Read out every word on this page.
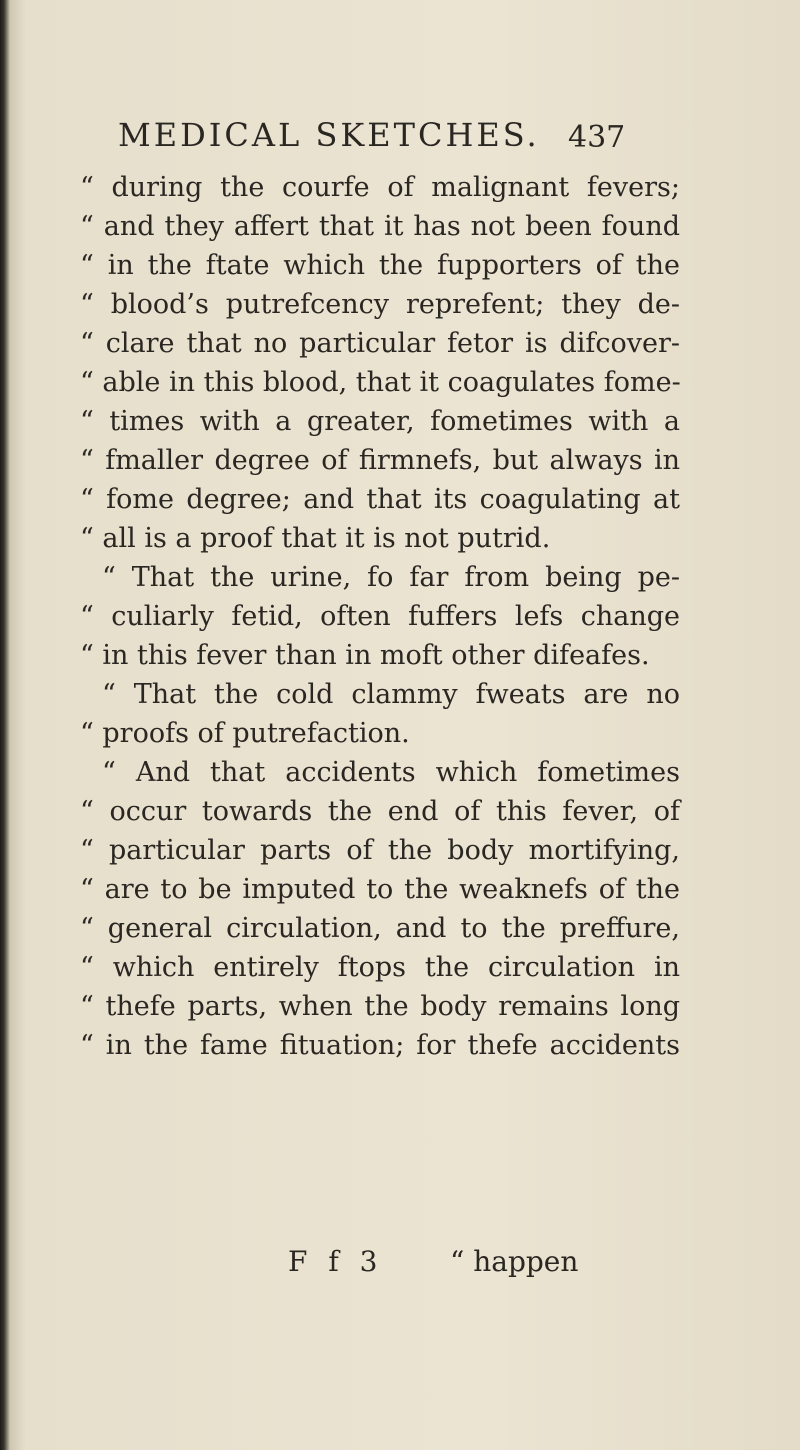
MEDICAL SKETCHES. 437
“ during the courfe of malignant fevers;
“ and they affert that it has not been found
“ in the ftate which the fupporters of the
“ blood’s putrefcency reprefent; they de-
“ clare that no particular fetor is difcover-
“ able in this blood, that it coagulates fome-
“ times with a greater, fometimes with a
“ fmaller degree of firmnefs, but always in
“ fome degree; and that its coagulating at
“ all is a proof that it is not putrid.
“ That the urine, fo far from being pe-
“ culiarly fetid, often fuffers lefs change
“ in this fever than in moft other difeafes.
“ That the cold clammy fweats are no
“ proofs of putrefaction.
“ And that accidents which fometimes
“ occur towards the end of this fever, of
“ particular parts of the body mortifying,
“ are to be imputed to the weaknefs of the
“ general circulation, and to the preffure,
“ which entirely ftops the circulation in
“ thefe parts, when the body remains long
“ in the fame fituation; for thefe accidents
F f 3 “ happen
